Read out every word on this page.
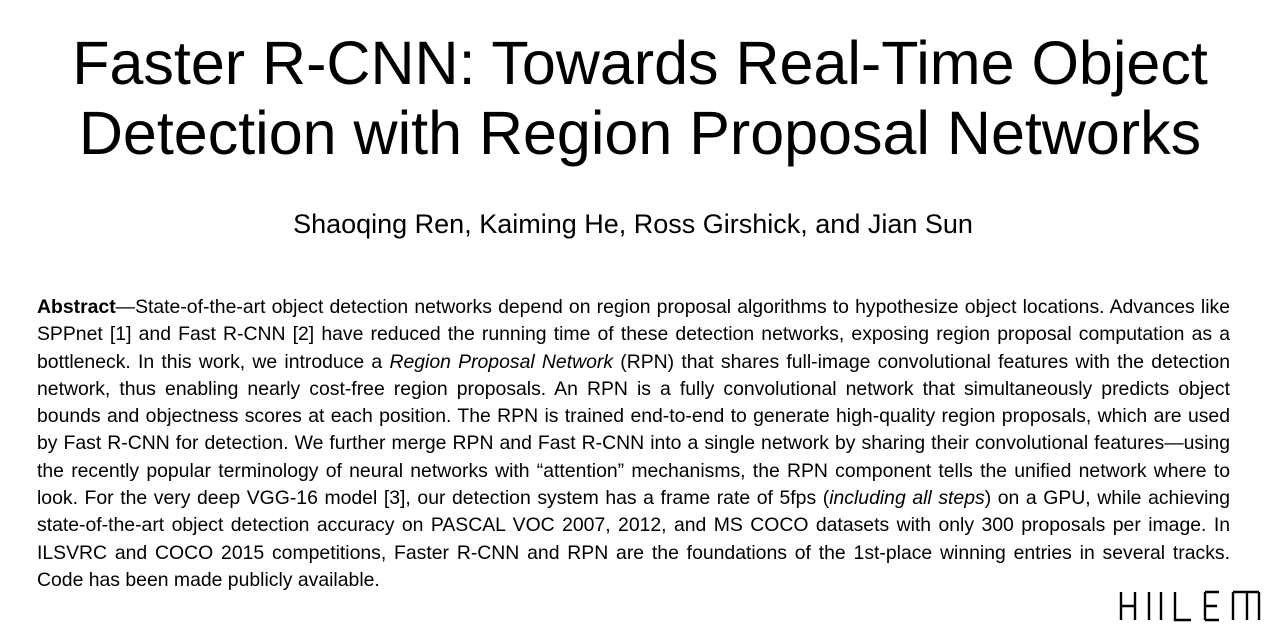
Faster R-CNN: Towards Real-Time Object
Detection with Region Proposal Networks

Shaoqing Ren, Kaiming He, Ross Girshick, and Jian Sun

Abstract—State-of-the-art object detection networks depend on region proposal algorithms to hypothesize object locations. Advances like SPPnet [1] and Fast R-CNN [2] have reduced the running time of these detection networks, exposing region proposal computation as a bottleneck. In this work, we introduce a Region Proposal Network (RPN) that shares full-image convolutional features with the detection network, thus enabling nearly cost-free region proposals. An RPN is a fully convolutional network that simultaneously predicts object bounds and objectness scores at each position. The RPN is trained end-to-end to generate high-quality region proposals, which are used by Fast R-CNN for detection. We further merge RPN and Fast R-CNN into a single network by sharing their convolutional features—using the recently popular terminology of neural networks with “attention” mechanisms, the RPN component tells the unified network where to look. For the very deep VGG-16 model [3], our detection system has a frame rate of 5fps (including all steps) on a GPU, while achieving state-of-the-art object detection accuracy on PASCAL VOC 2007, 2012, and MS COCO datasets with only 300 proposals per image. In ILSVRC and COCO 2015 competitions, Faster R-CNN and RPN are the foundations of the 1st-place winning entries in several tracks. Code has been made publicly available.
